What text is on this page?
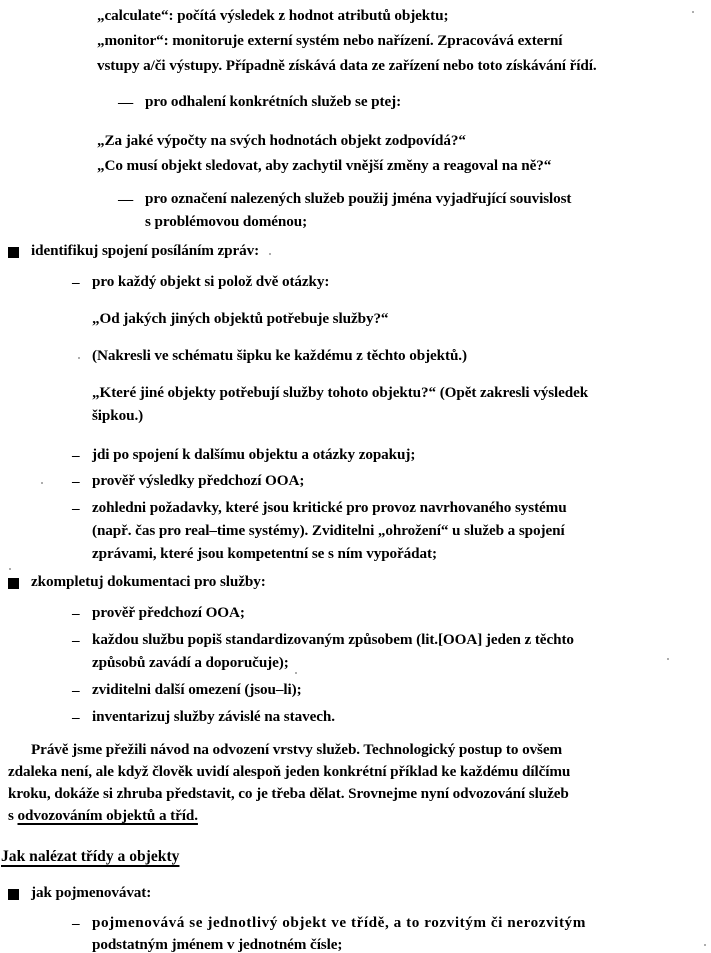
„calculate“: počítá výsledek z hodnot atributů objektu;
„monitor“: monitoruje externí systém nebo nařízení. Zpracovává externí
vstupy a/či výstupy. Případně získává data ze zařízení nebo toto získávání řídí.
— pro odhalení konkrétních služeb se ptej:
„Za jaké výpočty na svých hodnotách objekt zodpovídá?“
„Co musí objekt sledovat, aby zachytil vnější změny a reagoval na ně?“
— pro označení nalezených služeb použij jména vyjadřující souvislost
s problémovou doménou;
identifikuj spojení posíláním zpráv:
– pro každý objekt si polož dvě otázky:
„Od jakých jiných objektů potřebuje služby?“
(Nakresli ve schématu šipku ke každému z těchto objektů.)
„Které jiné objekty potřebují služby tohoto objektu?“ (Opět zakresli výsledek
šipkou.)
– jdi po spojení k dalšímu objektu a otázky zopakuj;
– prověř výsledky předchozí OOA;
– zohledni požadavky, které jsou kritické pro provoz navrhovaného systému
(např. čas pro real–time systémy). Zviditelni „ohrožení“ u služeb a spojení
zprávami, které jsou kompetentní se s ním vypořádat;
zkompletuj dokumentaci pro služby:
– prověř předchozí OOA;
– každou službu popiš standardizovaným způsobem (lit.[OOA] jeden z těchto
způsobů zavádí a doporučuje);
– zviditelni další omezení (jsou–li);
– inventarizuj služby závislé na stavech.
Právě jsme přežili návod na odvození vrstvy služeb. Technologický postup to ovšem
zdaleka není, ale když člověk uvidí alespoň jeden konkrétní příklad ke každému dílčímu
kroku, dokáže si zhruba představit, co je třeba dělat. Srovnejme nyní odvozování služeb
s odvozováním objektů a tříd.
Jak nalézat třídy a objekty
jak pojmenovávat:
– pojmenovává se jednotlivý objekt ve třídě, a to rozvitým či nerozvitým
podstatným jménem v jednotném čísle;
